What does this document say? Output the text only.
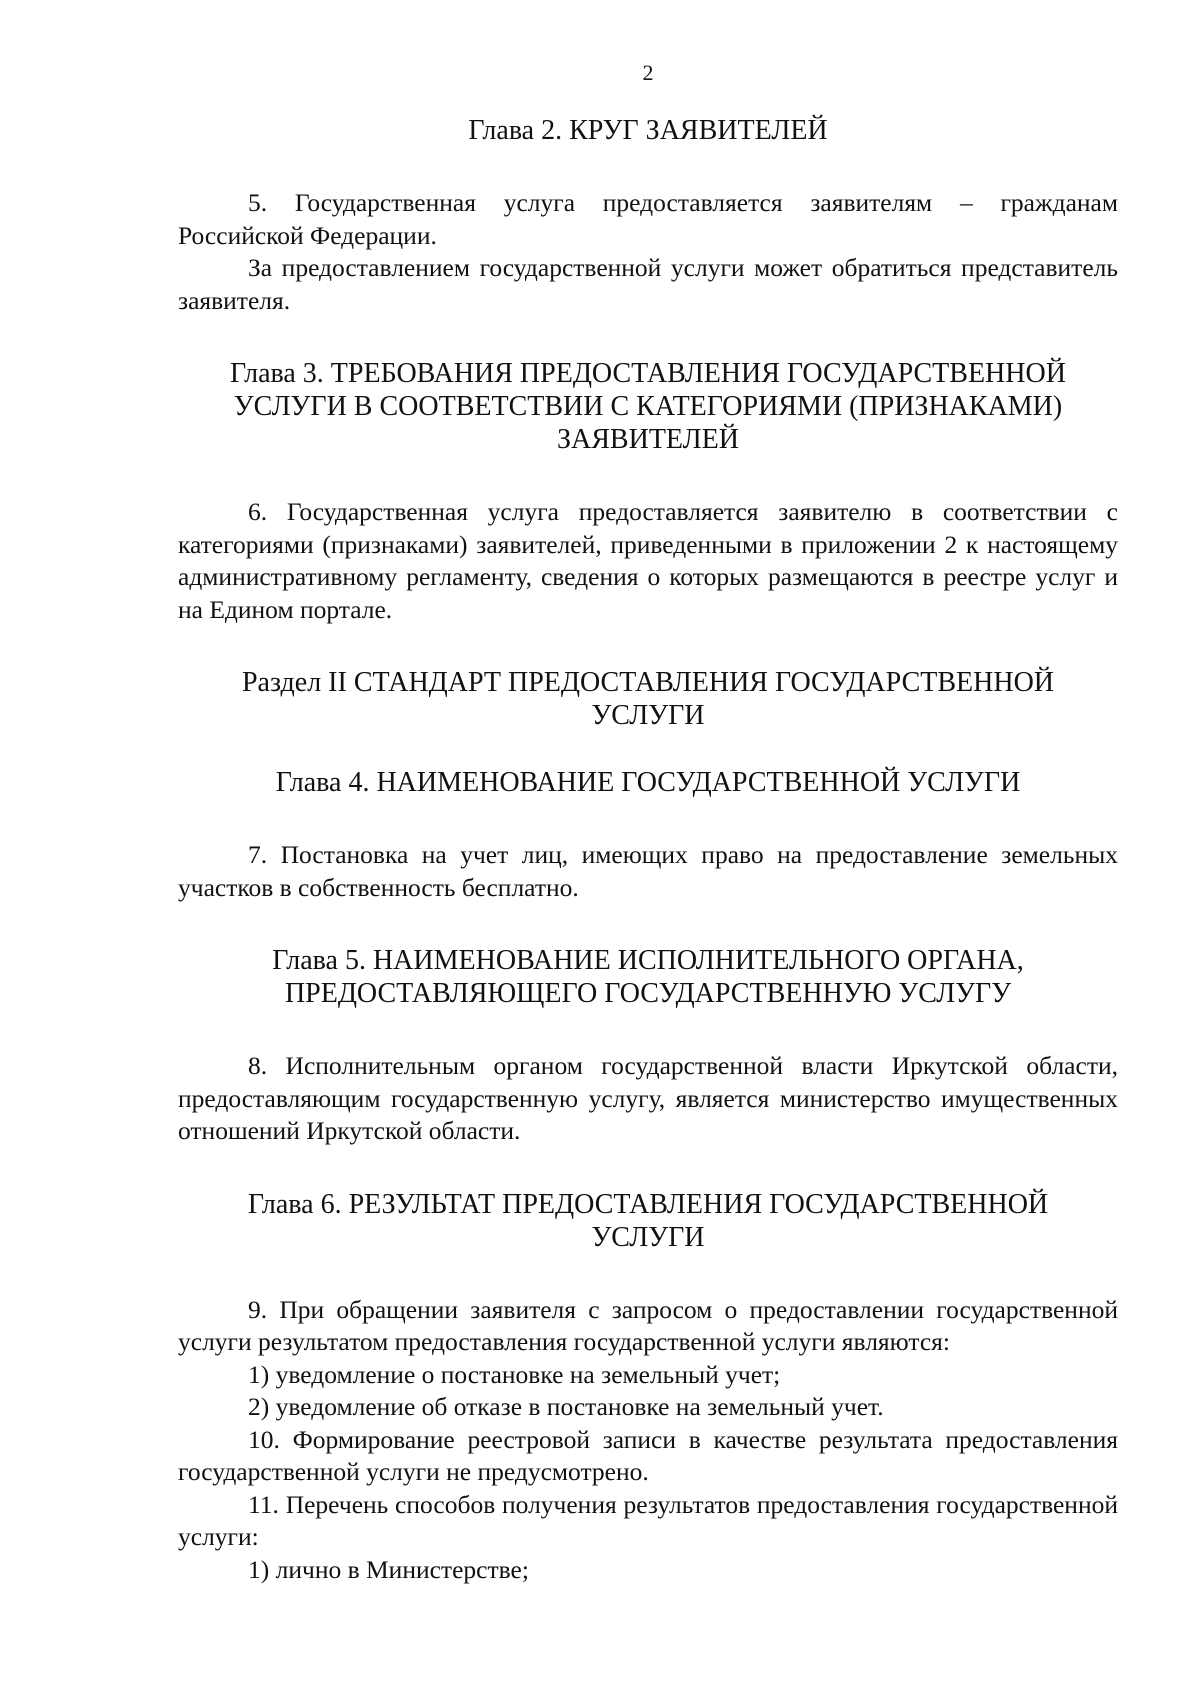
2
Глава 2. КРУГ ЗАЯВИТЕЛЕЙ

5. Государственная услуга предоставляется заявителям – гражданам Российской Федерации.

За предоставлением государственной услуги может обратиться представитель заявителя.

Глава 3. ТРЕБОВАНИЯ ПРЕДОСТАВЛЕНИЯ ГОСУДАРСТВЕННОЙ
УСЛУГИ В СООТВЕТСТВИИ С КАТЕГОРИЯМИ (ПРИЗНАКАМИ)
ЗАЯВИТЕЛЕЙ

6. Государственная услуга предоставляется заявителю в соответствии с категориями (признаками) заявителей, приведенными в приложении 2 к настоящему административному регламенту, сведения о которых размещаются в реестре услуг и на Едином портале.

Раздел II СТАНДАРТ ПРЕДОСТАВЛЕНИЯ ГОСУДАРСТВЕННОЙ
УСЛУГИ
Глава 4. НАИМЕНОВАНИЕ ГОСУДАРСТВЕННОЙ УСЛУГИ

7. Постановка на учет лиц, имеющих право на предоставление земельных участков в собственность бесплатно.

Глава 5. НАИМЕНОВАНИЕ ИСПОЛНИТЕЛЬНОГО ОРГАНА,
ПРЕДОСТАВЛЯЮЩЕГО ГОСУДАРСТВЕННУЮ УСЛУГУ

8. Исполнительным органом государственной власти Иркутской области, предоставляющим государственную услугу, является министерство имущественных отношений Иркутской области.

Глава 6. РЕЗУЛЬТАТ ПРЕДОСТАВЛЕНИЯ ГОСУДАРСТВЕННОЙ
УСЛУГИ

9. При обращении заявителя с запросом о предоставлении государственной услуги результатом предоставления государственной услуги являются:

1) уведомление о постановке на земельный учет;

2) уведомление об отказе в постановке на земельный учет.

10. Формирование реестровой записи в качестве результата предоставления государственной услуги не предусмотрено.

11. Перечень способов получения результатов предоставления государственной услуги:

1) лично в Министерстве;
